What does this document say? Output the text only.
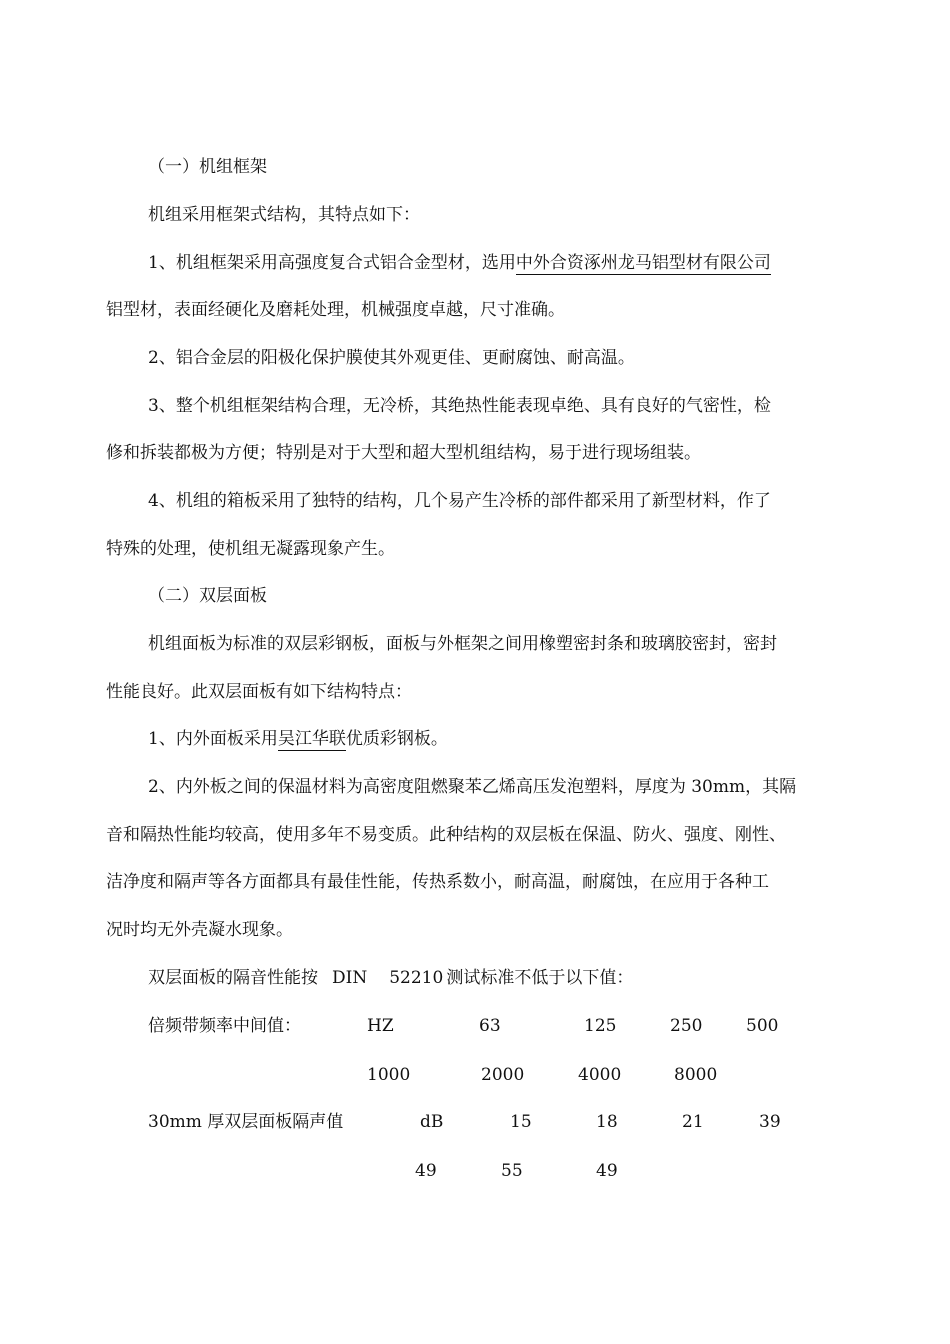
（一）机组框架
机组采用框架式结构，其特点如下：
1、机组框架采用高强度复合式铝合金型材，选用中外合资涿州龙马铝型材有限公司
铝型材，表面经硬化及磨耗处理，机械强度卓越，尺寸准确。
2、铝合金层的阳极化保护膜使其外观更佳、更耐腐蚀、耐高温。
3、整个机组框架结构合理，无冷桥，其绝热性能表现卓绝、具有良好的气密性，检
修和拆装都极为方便；特别是对于大型和超大型机组结构，易于进行现场组装。
4、机组的箱板采用了独特的结构，几个易产生冷桥的部件都采用了新型材料，作了
特殊的处理，使机组无凝露现象产生。
（二）双层面板
机组面板为标准的双层彩钢板，面板与外框架之间用橡塑密封条和玻璃胶密封，密封
性能良好。此双层面板有如下结构特点：
1、内外面板采用吴江华联优质彩钢板。
2、内外板之间的保温材料为高密度阻燃聚苯乙烯高压发泡塑料，厚度为 30mm，其隔
音和隔热性能均较高，使用多年不易变质。此种结构的双层板在保温、防火、强度、刚性、
洁净度和隔声等各方面都具有最佳性能，传热系数小，耐高温，耐腐蚀，在应用于各种工
况时均无外壳凝水现象。
双层面板的隔音性能按 DIN 52210 测试标准不低于以下值：
倍频带频率中间值：	HZ	63	125	250	500
1000	2000	4000	8000
30mm 厚双层面板隔声值	dB	15	18	21	39
49	55	49
